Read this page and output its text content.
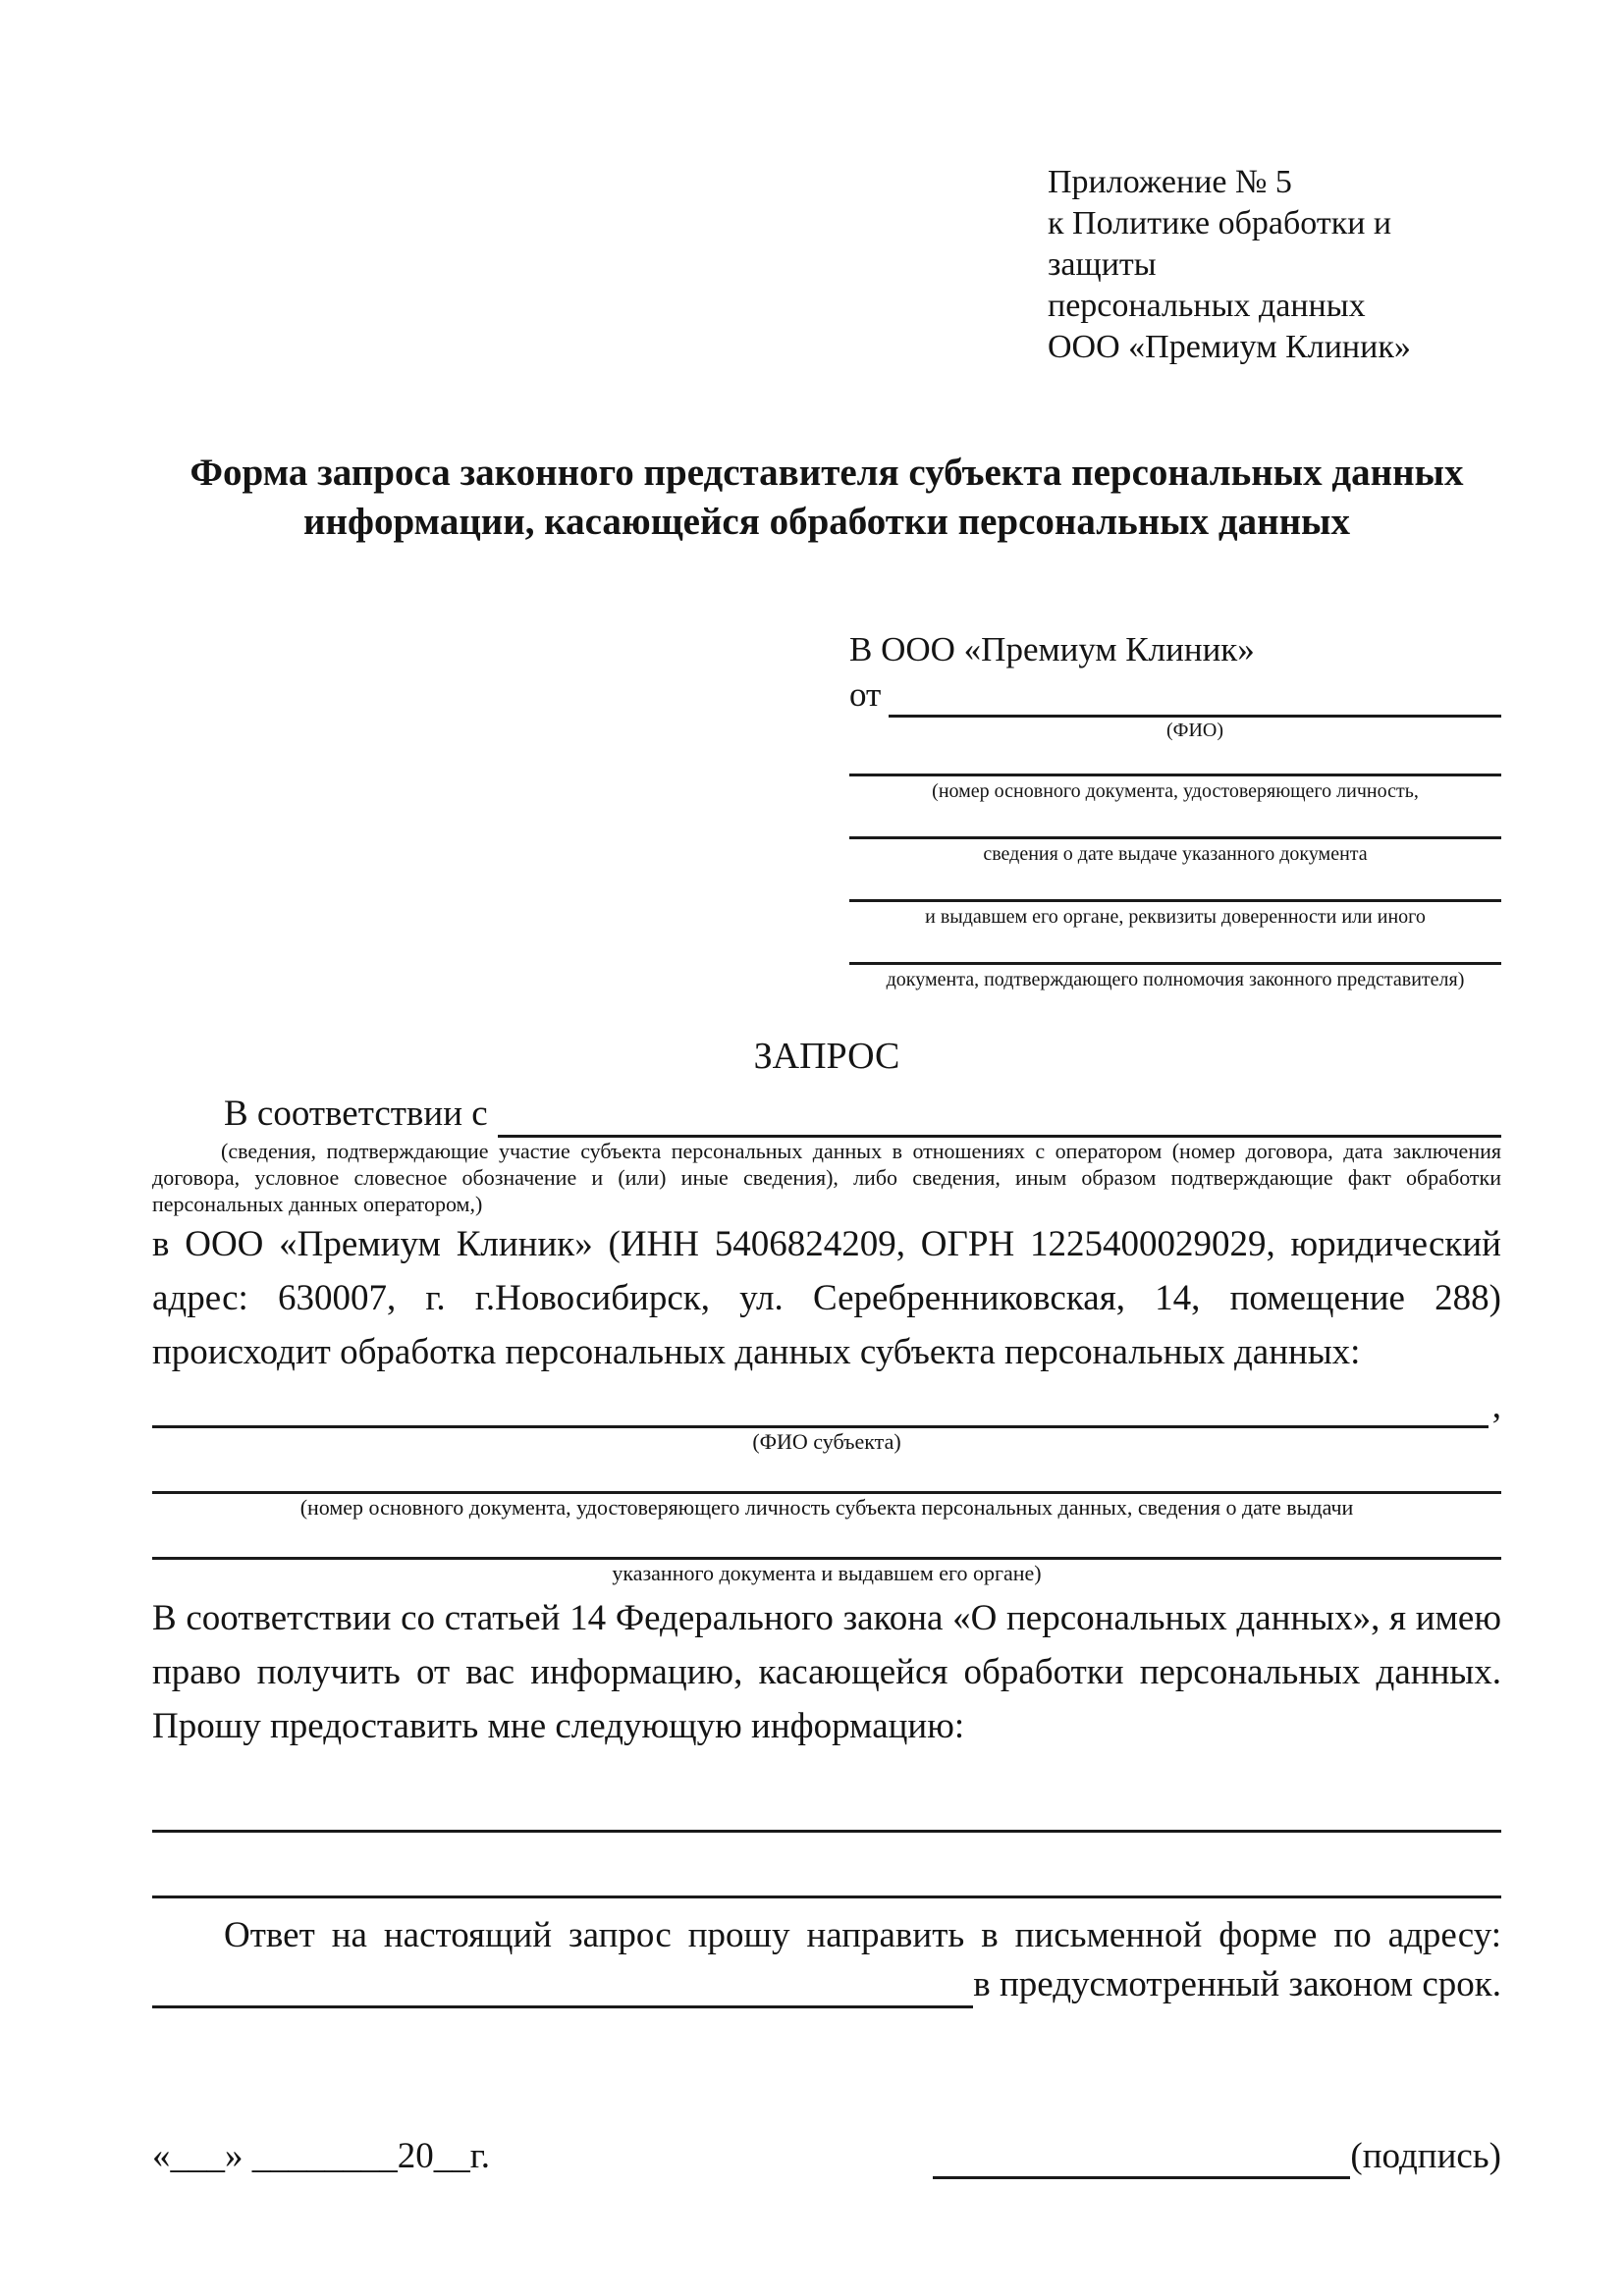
Приложение № 5
к Политике обработки и защиты
персональных данных
ООО «Премиум Клиник»
Форма запроса законного представителя субъекта персональных данных информации, касающейся обработки персональных данных
В ООО «Премиум Клиник»
от
(ФИО)
(номер основного документа, удостоверяющего личность,
сведения о дате выдаче указанного документа
и выдавшем его органе, реквизиты доверенности или иного
документа, подтверждающего полномочия законного представителя)
ЗАПРОС
В соответствии с
(сведения, подтверждающие участие субъекта персональных данных в отношениях с оператором (номер договора, дата заключения договора, условное словесное обозначение и (или) иные сведения), либо сведения, иным образом подтверждающие факт обработки персональных данных оператором,)
в ООО «Премиум Клиник» (ИНН 5406824209, ОГРН 1225400029029, юридический адрес: 630007, г. г.Новосибирск, ул. Серебренниковская, 14, помещение 288) происходит обработка персональных данных субъекта персональных данных:
,
(ФИО субъекта)
(номер основного документа, удостоверяющего личность субъекта персональных данных, сведения о дате выдачи
указанного документа и выдавшем его органе)
В соответствии со статьей 14 Федерального закона «О персональных данных», я имею право получить от вас информацию, касающейся обработки персональных данных. Прошу предоставить мне следующую информацию:
Ответ на настоящий запрос прошу направить в письменной форме по адресу:
в предусмотренный законом срок.
«___» ________20__г.	(подпись)
